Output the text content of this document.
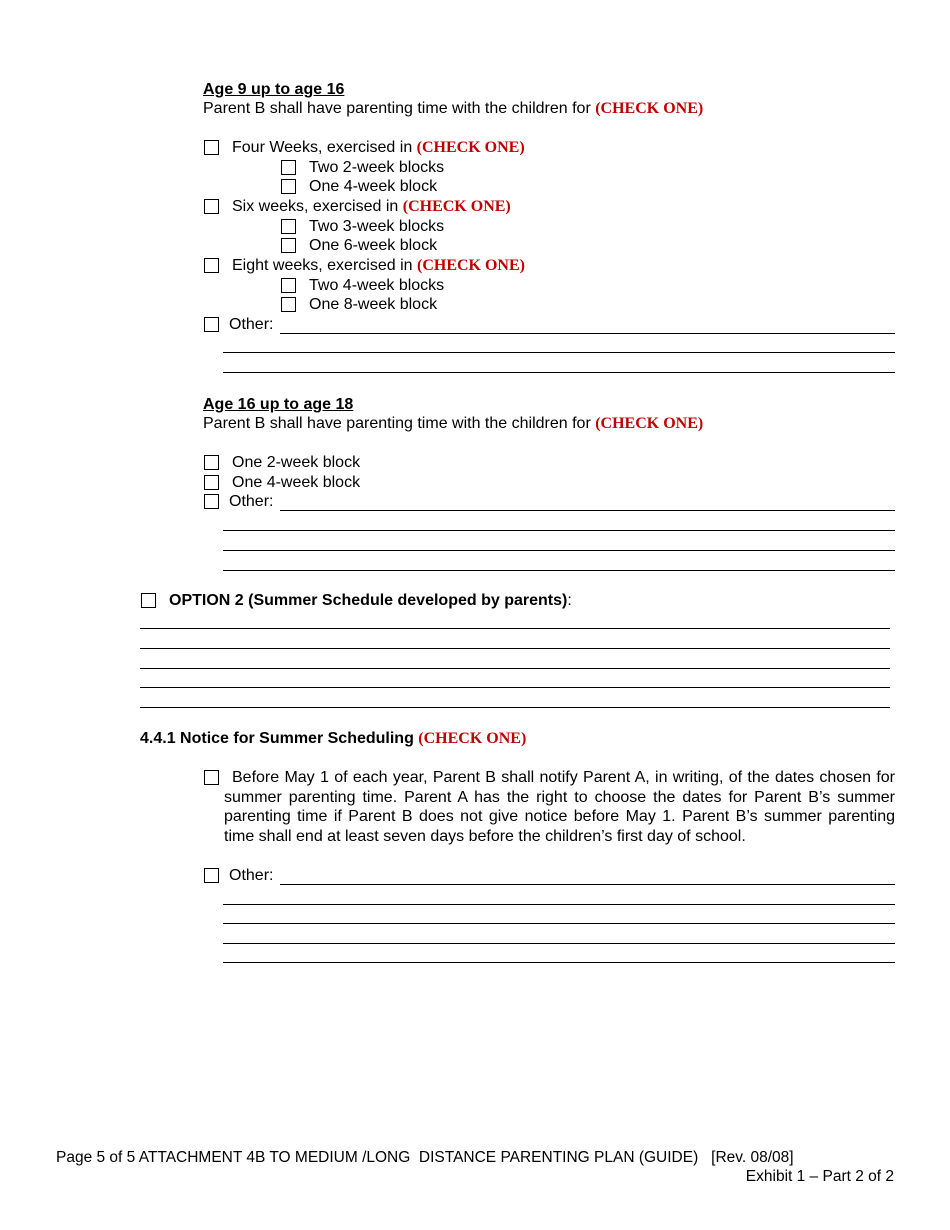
Age 9 up to age 16
Parent B shall have parenting time with the children for (CHECK ONE)
Four Weeks, exercised in (CHECK ONE)
Two 2-week blocks
One 4-week block
Six weeks, exercised in (CHECK ONE)
Two 3-week blocks
One 6-week block
Eight weeks, exercised in (CHECK ONE)
Two 4-week blocks
One 8-week block
Other:
Age 16 up to age 18
Parent B shall have parenting time with the children for (CHECK ONE)
One 2-week block
One 4-week block
Other:
OPTION 2 (Summer Schedule developed by parents):
4.4.1 Notice for Summer Scheduling (CHECK ONE)
Before May 1 of each year, Parent B shall notify Parent A, in writing, of the dates chosen for summer parenting time. Parent A has the right to choose the dates for Parent B’s summer parenting time if Parent B does not give notice before May 1. Parent B’s summer parenting time shall end at least seven days before the children’s first day of school.
Other:
Page 5 of 5 ATTACHMENT 4B TO MEDIUM /LONG  DISTANCE PARENTING PLAN (GUIDE)   [Rev. 08/08]
Exhibit 1 – Part 2 of 2
